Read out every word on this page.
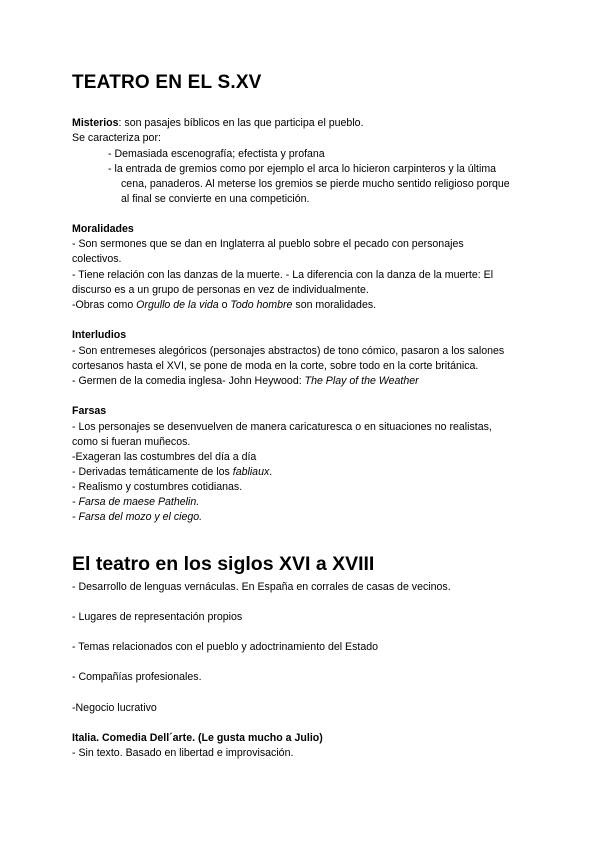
TEATRO EN EL S.XV
Misterios: son pasajes bíblicos en las que participa el pueblo.
Se caracteriza por:
- Demasiada escenografía; efectista y profana
- la entrada de gremios como por ejemplo el arca lo hicieron carpinteros y la última
cena, panaderos. Al meterse los gremios se pierde mucho sentido religioso porque
al final se convierte en una competición.
Moralidades
- Son sermones que se dan en Inglaterra al pueblo sobre el pecado con personajes
colectivos.
- Tiene relación con las danzas de la muerte. - La diferencia con la danza de la muerte: El
discurso es a un grupo de personas en vez de individualmente.
-Obras como Orgullo de la vida o Todo hombre son moralidades.
Interludios
- Son entremeses alegóricos (personajes abstractos) de tono cómico, pasaron a los salones
cortesanos hasta el XVI, se pone de moda en la corte, sobre todo en la corte británica.
- Germen de la comedia inglesa- John Heywood: The Play of the Weather
Farsas
- Los personajes se desenvuelven de manera caricaturesca o en situaciones no realistas,
como si fueran muñecos.
-Exageran las costumbres del día a día
- Derivadas temáticamente de los fabliaux.
- Realismo y costumbres cotidianas.
- Farsa de maese Pathelin.
- Farsa del mozo y el ciego.
El teatro en los siglos XVI a XVIII
- Desarrollo de lenguas vernáculas. En España en corrales de casas de vecinos.
- Lugares de representación propios
- Temas relacionados con el pueblo y adoctrinamiento del Estado
- Compañías profesionales.
-Negocio lucrativo
Italia. Comedia Dell´arte. (Le gusta mucho a Julio)
- Sin texto. Basado en libertad e improvisación.
